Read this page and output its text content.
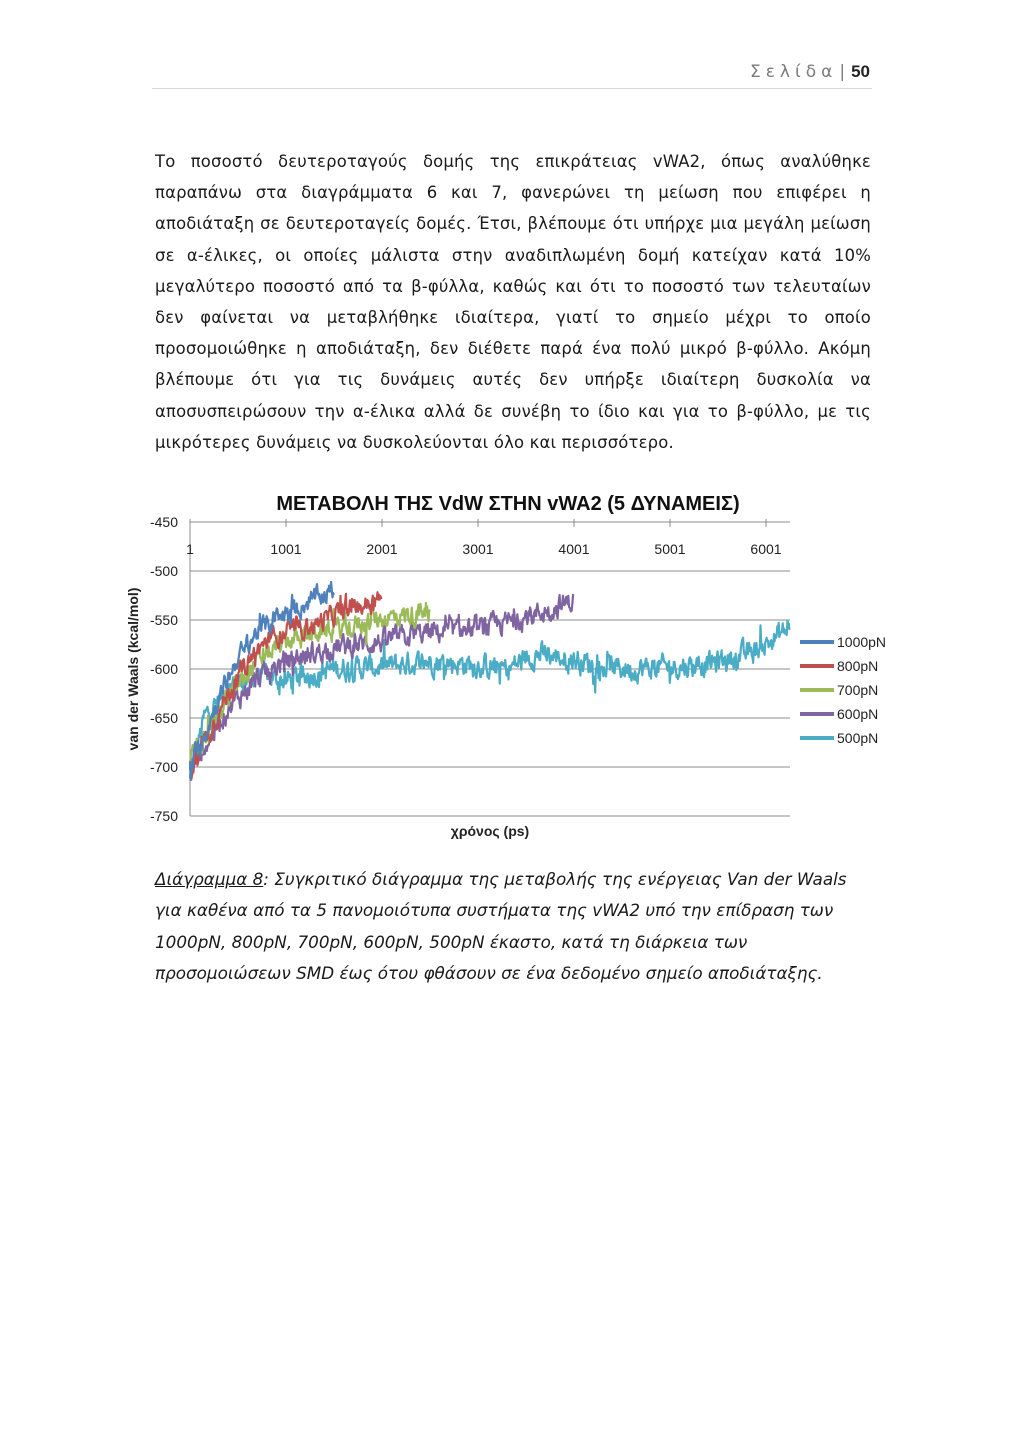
Σελίδα | 50
Το ποσοστό δευτεροταγούς δομής της επικράτειας vWA2, όπως αναλύθηκε
παραπάνω στα διαγράμματα 6 και 7, φανερώνει τη μείωση που επιφέρει η
αποδιάταξη σε δευτεροταγείς δομές. Έτσι, βλέπουμε ότι υπήρχε μια μεγάλη μείωση
σε α-έλικες, οι οποίες μάλιστα στην αναδιπλωμένη δομή κατείχαν κατά 10%
μεγαλύτερο ποσοστό από τα β-φύλλα, καθώς και ότι το ποσοστό των τελευταίων
δεν φαίνεται να μεταβλήθηκε ιδιαίτερα, γιατί το σημείο μέχρι το οποίο
προσομοιώθηκε η αποδιάταξη, δεν διέθετε παρά ένα πολύ μικρό β-φύλλο. Ακόμη
βλέπουμε ότι για τις δυνάμεις αυτές δεν υπήρξε ιδιαίτερη δυσκολία να
αποσυσπειρώσουν την α-έλικα αλλά δε συνέβη το ίδιο και για το β-φύλλο, με τις
μικρότερες δυνάμεις να δυσκολεύονται όλο και περισσότερο.
-450
-500
-550
-600
-650
-700
-750
1	1001	2001	3001	4001	5001	6001
ΜΕΤΑΒΟΛΗ ΤΗΣ VdW ΣΤΗΝ vWA2 (5 ΔΥΝΑΜΕΙΣ)
χρόνος (ps)
van der Waals (kcal/mol)	1000pN
800pN
700pN
600pN
500pN
Διάγραμμα 8: Συγκριτικό διάγραμμα της μεταβολής της ενέργειας Van der Waals
για καθένα από τα 5 πανομοιότυπα συστήματα της vWA2 υπό την επίδραση των
1000pN, 800pN, 700pN, 600pN, 500pN έκαστο, κατά τη διάρκεια των
προσομοιώσεων SMD έως ότου φθάσουν σε ένα δεδομένο σημείο αποδιάταξης.
